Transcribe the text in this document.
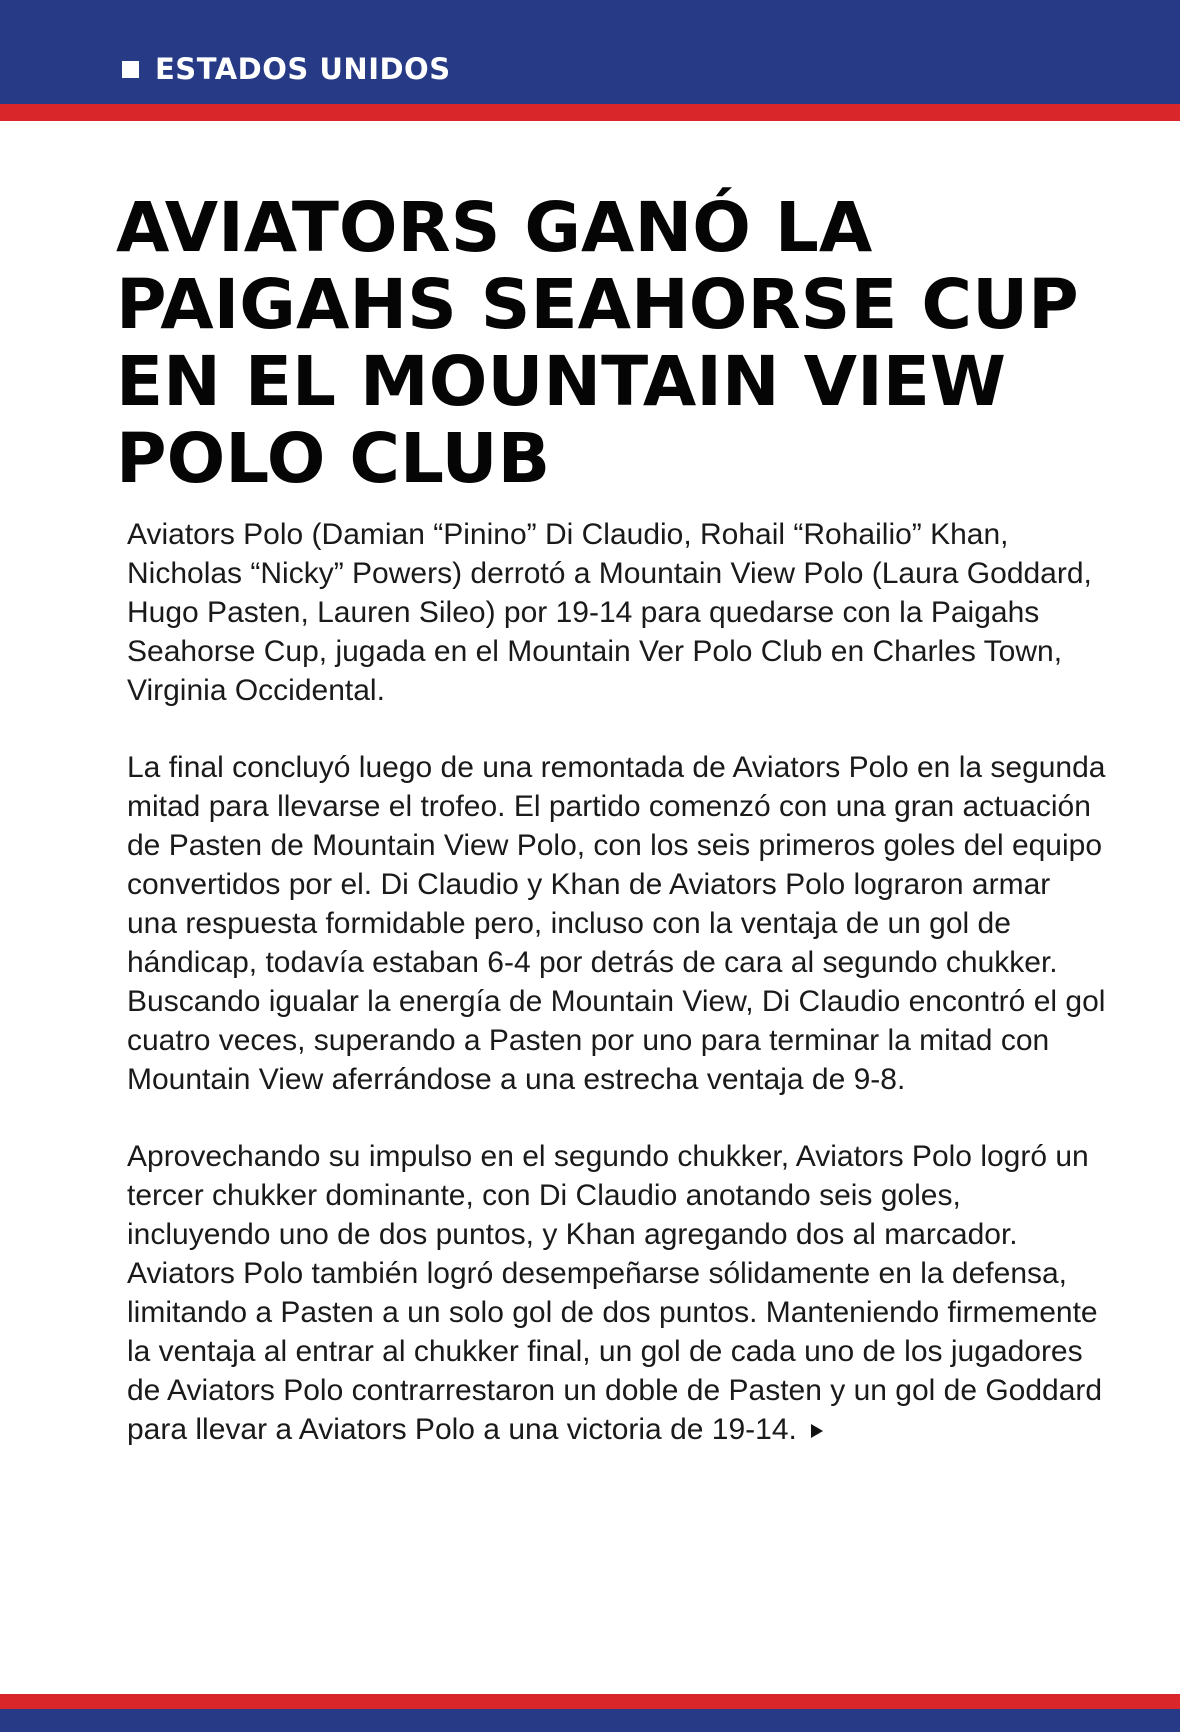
ESTADOS UNIDOS
AVIATORS GANÓ LA
PAIGAHS SEAHORSE CUP
EN EL MOUNTAIN VIEW
POLO CLUB

Aviators Polo (Damian “Pinino” Di Claudio, Rohail “Rohailio” Khan, Nicholas “Nicky” Powers) derrotó a Mountain View Polo (Laura Goddard, Hugo Pasten, Lauren Sileo) por 19-14 para quedarse con la Paigahs Seahorse Cup, jugada en el Mountain Ver Polo Club en Charles Town, Virginia Occidental.

La final concluyó luego de una remontada de Aviators Polo en la segunda mitad para llevarse el trofeo. El partido comenzó con una gran actuación de Pasten de Mountain View Polo, con los seis primeros goles del equipo convertidos por el. Di Claudio y Khan de Aviators Polo lograron armar una respuesta formidable pero, incluso con la ventaja de un gol de hándicap, todavía estaban 6-4 por detrás de cara al segundo chukker. Buscando igualar la energía de Mountain View, Di Claudio encontró el gol cuatro veces, superando a Pasten por uno para terminar la mitad con Mountain View aferrándose a una estrecha ventaja de 9-8.

Aprovechando su impulso en el segundo chukker, Aviators Polo logró un tercer chukker dominante, con Di Claudio anotando seis goles, incluyendo uno de dos puntos, y Khan agregando dos al marcador. Aviators Polo también logró desempeñarse sólidamente en la defensa, limitando a Pasten a un solo gol de dos puntos. Manteniendo firmemente la ventaja al entrar al chukker final, un gol de cada uno de los jugadores de Aviators Polo contrarrestaron un doble de Pasten y un gol de Goddard para llevar a Aviators Polo a una victoria de 19-14.
